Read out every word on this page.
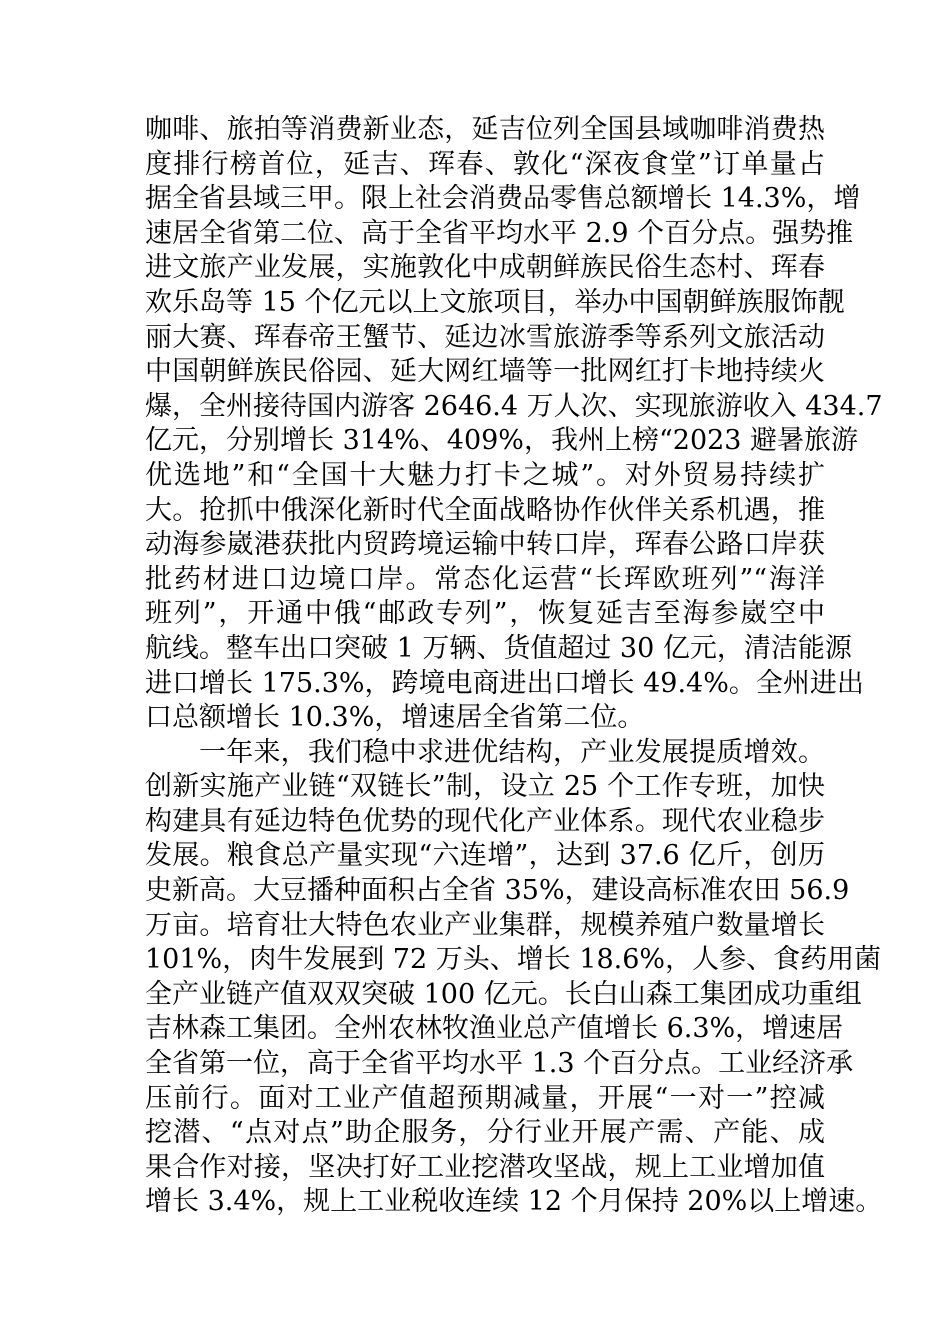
咖啡、旅拍等消费新业态，延吉位列全国县域咖啡消费热
度排行榜首位，延吉、珲春、敦化“深夜食堂”订单量占
据全省县域三甲。限上社会消费品零售总额增长 14.3%，增
速居全省第二位、高于全省平均水平 2.9 个百分点。强势推
进文旅产业发展，实施敦化中成朝鲜族民俗生态村、珲春
欢乐岛等 15 个亿元以上文旅项目，举办中国朝鲜族服饰靓
丽大赛、珲春帝王蟹节、延边冰雪旅游季等系列文旅活动
中国朝鲜族民俗园、延大网红墙等一批网红打卡地持续火
爆，全州接待国内游客 2646.4 万人次、实现旅游收入 434.7
亿元，分别增长 314%、409%，我州上榜“2023 避暑旅游
优选地”和“全国十大魅力打卡之城”。对外贸易持续扩
大。抢抓中俄深化新时代全面战略协作伙伴关系机遇，推
动海参崴港获批内贸跨境运输中转口岸，珲春公路口岸获
批药材进口边境口岸。常态化运营“长珲欧班列”“海洋
班列”，开通中俄“邮政专列”，恢复延吉至海参崴空中
航线。整车出口突破 1 万辆、货值超过 30 亿元，清洁能源
进口增长 175.3%，跨境电商进出口增长 49.4%。全州进出
口总额增长 10.3%，增速居全省第二位。
一年来，我们稳中求进优结构，产业发展提质增效。
创新实施产业链“双链长”制，设立 25 个工作专班，加快
构建具有延边特色优势的现代化产业体系。现代农业稳步
发展。粮食总产量实现“六连增”，达到 37.6 亿斤，创历
史新高。大豆播种面积占全省 35%，建设高标准农田 56.9
万亩。培育壮大特色农业产业集群，规模养殖户数量增长
101%，肉牛发展到 72 万头、增长 18.6%，人参、食药用菌
全产业链产值双双突破 100 亿元。长白山森工集团成功重组
吉林森工集团。全州农林牧渔业总产值增长 6.3%，增速居
全省第一位，高于全省平均水平 1.3 个百分点。工业经济承
压前行。面对工业产值超预期减量，开展“一对一”控减
挖潜、“点对点”助企服务，分行业开展产需、产能、成
果合作对接，坚决打好工业挖潜攻坚战，规上工业增加值
增长 3.4%，规上工业税收连续 12 个月保持 20%以上增速。
